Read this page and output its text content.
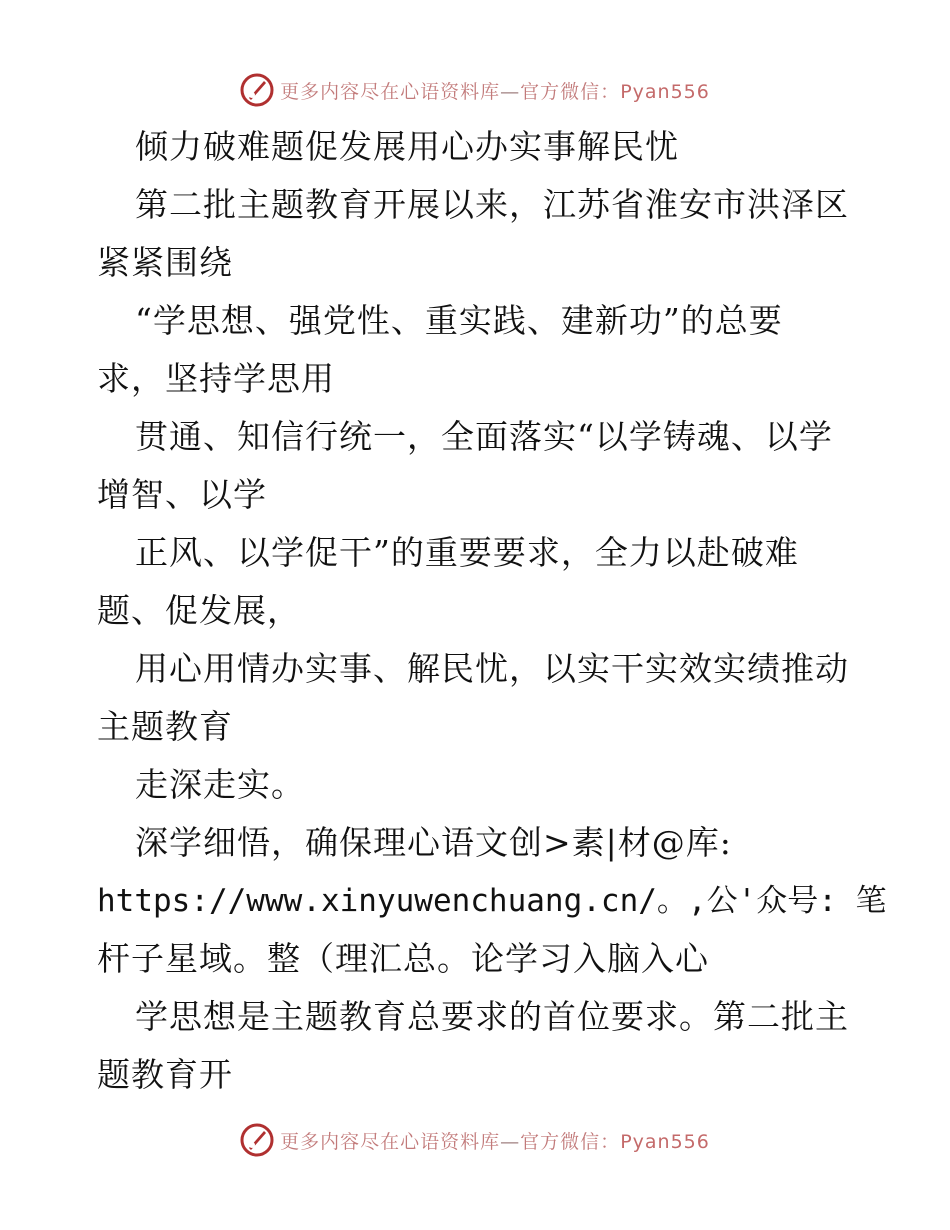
更多内容尽在心语资料库—官方微信：Pyan556
倾力破难题促发展用心办实事解民忧
第二批主题教育开展以来，江苏省淮安市洪泽区
紧紧围绕
“学思想、强党性、重实践、建新功”的总要
求，坚持学思用
贯通、知信行统一，全面落实“以学铸魂、以学
增智、以学
正风、以学促干”的重要要求，全力以赴破难
题、促发展，
用心用情办实事、解民忧，以实干实效实绩推动
主题教育
走深走实。
深学细悟，确保理心语文创>素|材@库:
https://www.xinyuwenchuang.cn/。,公'众号: 笔
杆子星域。整（理汇总。论学习入脑入心
学思想是主题教育总要求的首位要求。第二批主
题教育开
更多内容尽在心语资料库—官方微信：Pyan556
